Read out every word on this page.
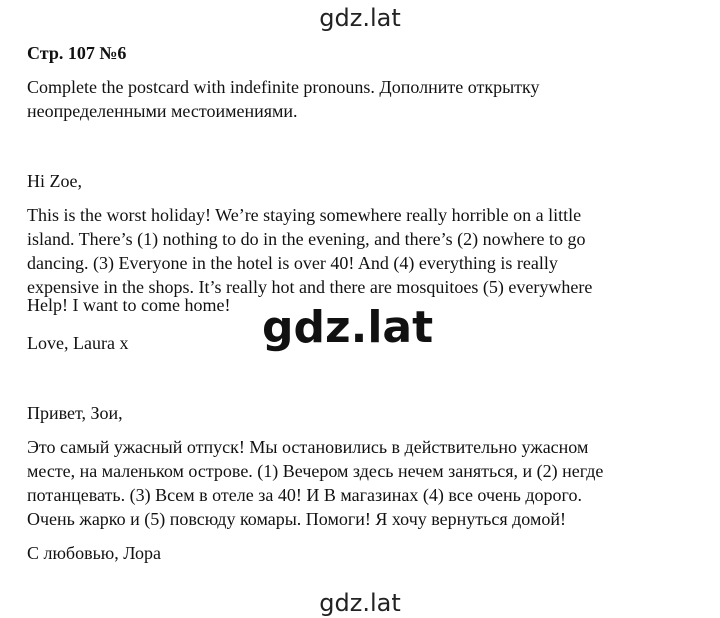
gdz.lat
Стр. 107 №6
Complete the postcard with indefinite pronouns. Дополните открытку
неопределенными местоимениями.
Hi Zoe,
This is the worst holiday! We’re staying somewhere really horrible on a little
island. There’s (1) nothing to do in the evening, and there’s (2) nowhere to go
dancing. (3) Everyone in the hotel is over 40! And (4) everything is really
expensive in the shops. It’s really hot and there are mosquitoes (5) everywhere
Help! I want to come home! gdz.lat
Love, Laura x
Привет, Зои,
Это самый ужасный отпуск! Мы остановились в действительно ужасном
месте, на маленьком острове. (1) Вечером здесь нечем заняться, и (2) негде
потанцевать. (3) Всем в отеле за 40! И В магазинах (4) все очень дорого.
Очень жарко и (5) повсюду комары. Помоги! Я хочу вернуться домой!
С любовью, Лора
gdz.lat
